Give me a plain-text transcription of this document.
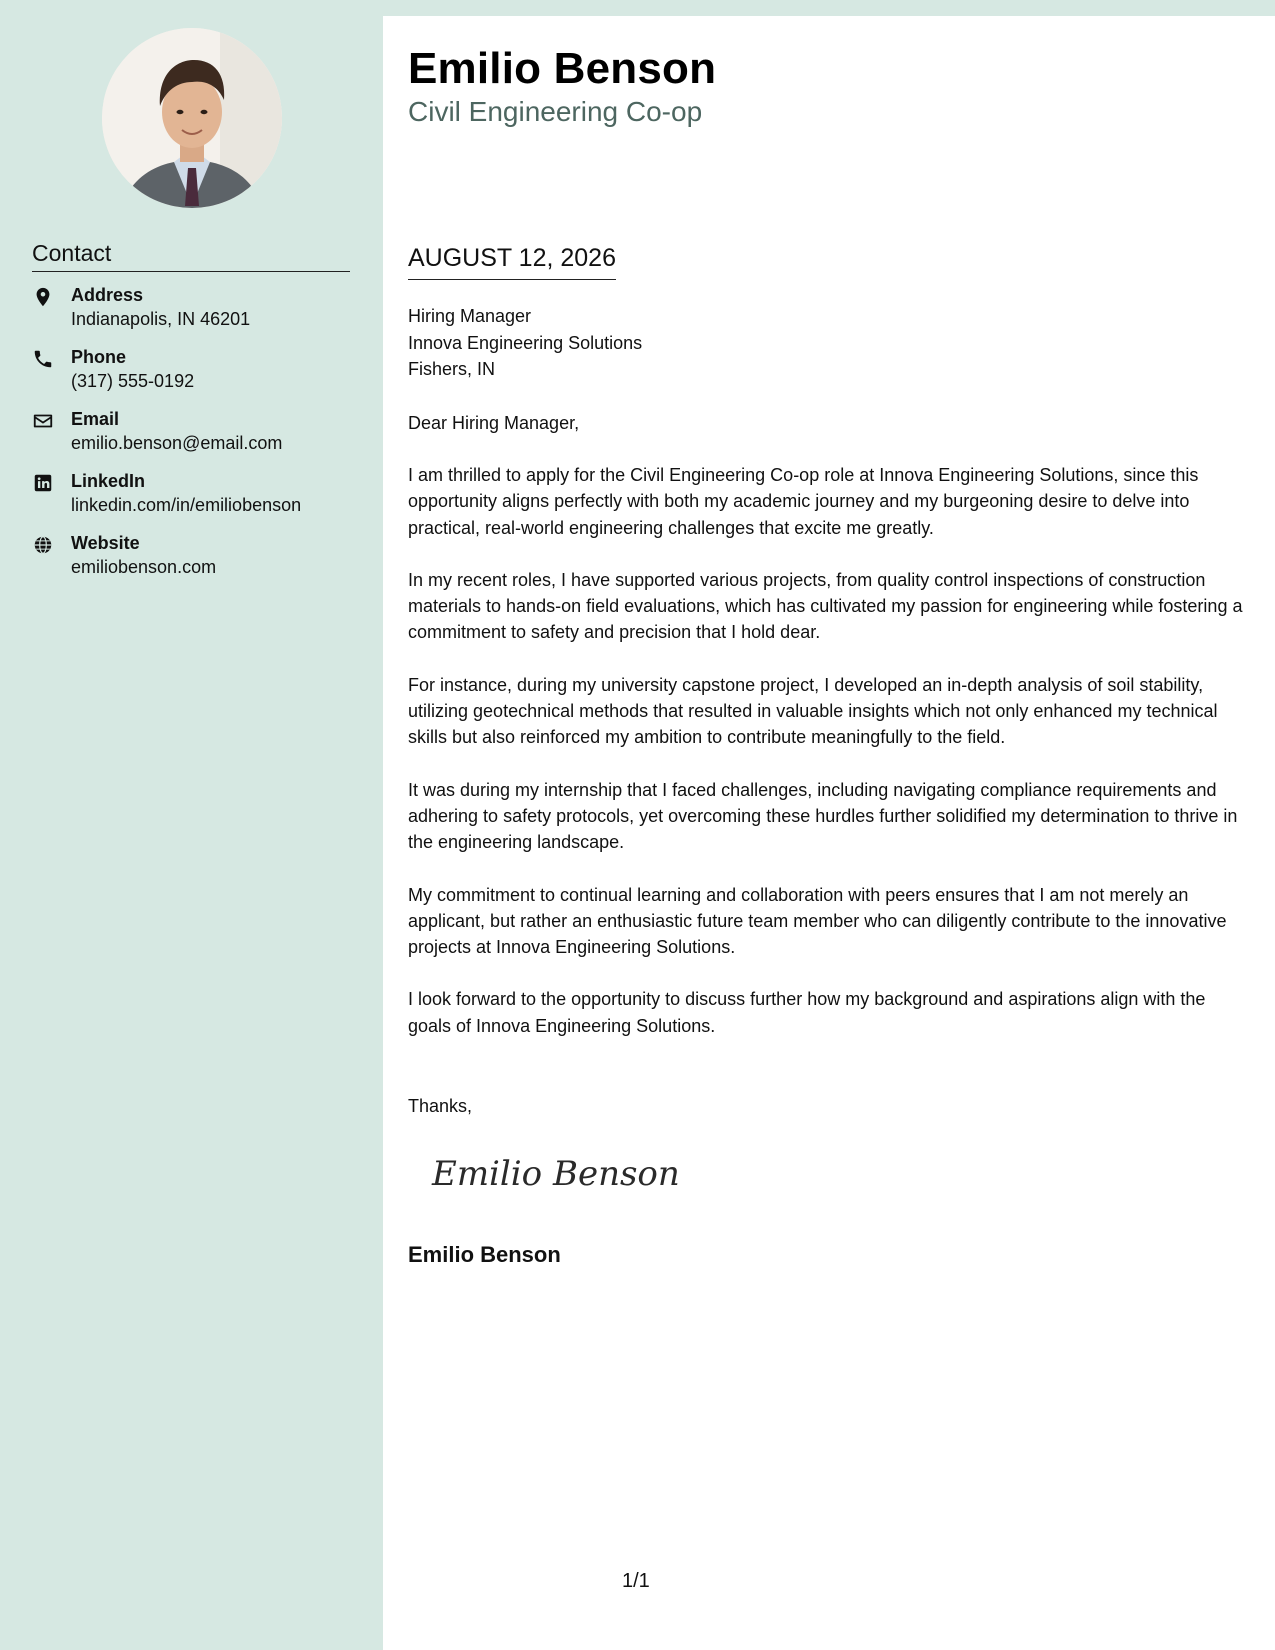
Contact
Address
Indianapolis, IN 46201
Phone
(317) 555-0192
Email
emilio.benson@email.com
LinkedIn
linkedin.com/in/emiliobenson
Website
emiliobenson.com
Emilio Benson
Civil Engineering Co-op
AUGUST 12, 2026
Hiring Manager
Innova Engineering Solutions
Fishers, IN
Dear Hiring Manager,

I am thrilled to apply for the Civil Engineering Co-op role at Innova Engineering Solutions, since this opportunity aligns perfectly with both my academic journey and my burgeoning desire to delve into practical, real-world engineering challenges that excite me greatly.

In my recent roles, I have supported various projects, from quality control inspections of construction materials to hands-on field evaluations, which has cultivated my passion for engineering while fostering a commitment to safety and precision that I hold dear.

For instance, during my university capstone project, I developed an in-depth analysis of soil stability, utilizing geotechnical methods that resulted in valuable insights which not only enhanced my technical skills but also reinforced my ambition to contribute meaningfully to the field.

It was during my internship that I faced challenges, including navigating compliance requirements and adhering to safety protocols, yet overcoming these hurdles further solidified my determination to thrive in the engineering landscape.

My commitment to continual learning and collaboration with peers ensures that I am not merely an applicant, but rather an enthusiastic future team member who can diligently contribute to the innovative projects at Innova Engineering Solutions.

I look forward to the opportunity to discuss further how my background and aspirations align with the goals of Innova Engineering Solutions.

Thanks,
Emilio Benson
Emilio Benson
1/1
